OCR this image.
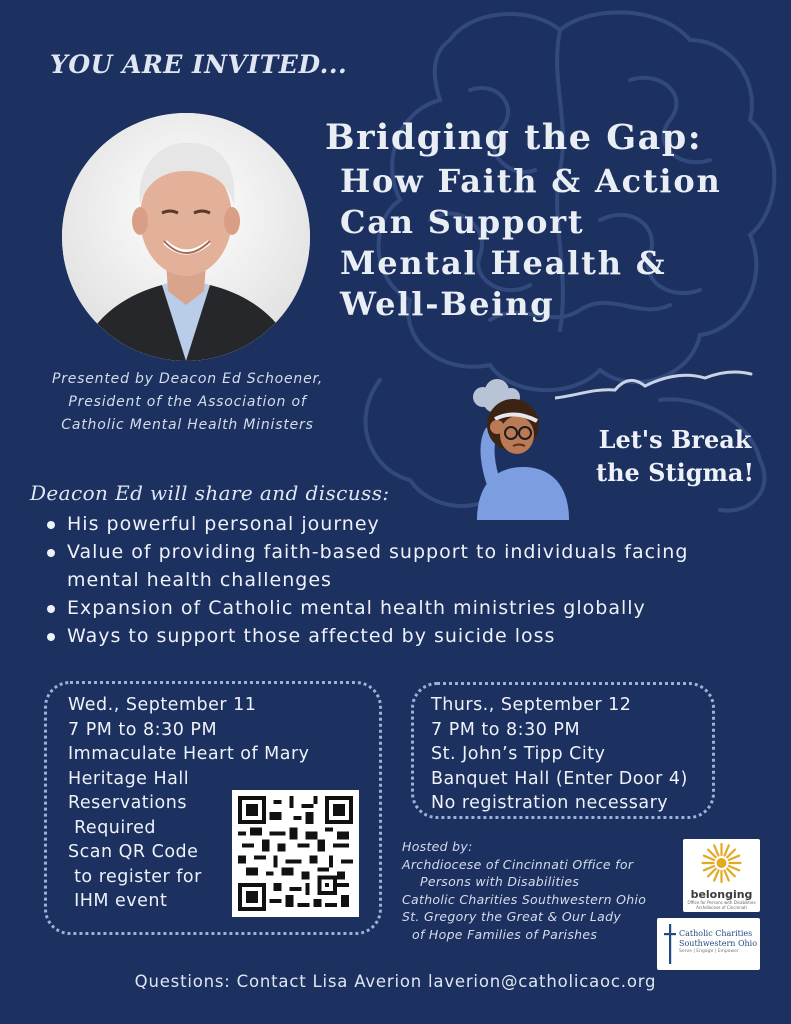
YOU ARE INVITED...
Bridging the Gap:
How Faith & Action
Can Support
Mental Health &
Well-Being
Presented by Deacon Ed Schoener,
President of the Association of
Catholic Mental Health Ministers	Let's Break
the Stigma!
Deacon Ed will share and discuss:
His powerful personal journey
Value of providing faith-based support to individuals facing
mental health challenges
Expansion of Catholic mental health ministries globally
Ways to support those affected by suicide loss
Wed., September 11
7 PM to 8:30 PM
Immaculate Heart of Mary
Heritage Hall
Reservations
Required
Scan QR Code
to register for
IHM event
Thurs., September 12
7 PM to 8:30 PM
St. John’s Tipp City
Banquet Hall (Enter Door 4)
No registration necessary
Hosted by:
Archdiocese of Cincinnati Office for
Persons with Disabilities
Catholic Charities Southwestern Ohio
St. Gregory the Great & Our Lady
of Hope Families of Parishes
belonging
Office for Persons with Disabilities
Archdiocese of Cincinnati
Catholic Charities
Southwestern Ohio
Serve | Engage | Empower
Questions: Contact Lisa Averion laverion@catholicaoc.org
